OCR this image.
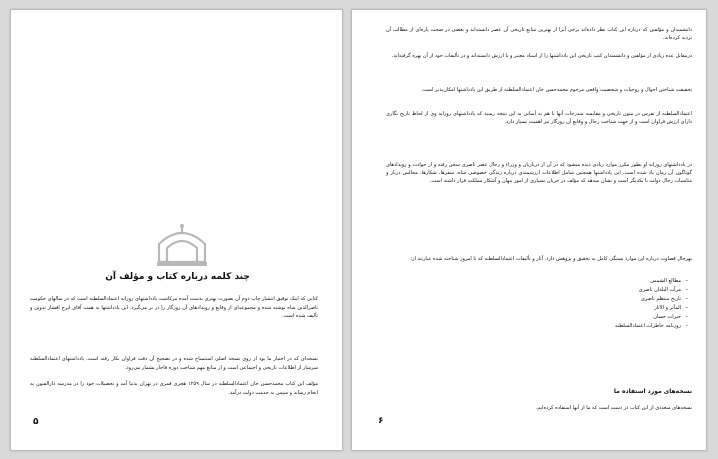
چند کلمه درباره کتاب و مؤلف آن

کتابی که اینک توفیق انتشار چاپ دوم آن بصورت بهتری بدست آمده مرکاشت یادداشتهای روزانه اعتمادالسلطنه است که در سالهای حکومت ناصرالدین شاه نوشته شده و مجموعه‌ای از وقایع و رویدادهای آن روزگار را در بر می‌گیرد. این یادداشتها به همت آقای ایرج افشار تدوین و تألیف شده است.

نسخه‌ای که در اختیار ما بود از روی نسخه اصلی استنساخ شده و در تصحیح آن دقت فراوان بکار رفته است. یادداشتهای اعتمادالسلطنه سرشار از اطلاعات تاریخی و اجتماعی است و از منابع مهم شناخت دوره قاجار بشمار می‌رود.

مؤلف این کتاب محمدحسن خان اعتمادالسلطنه در سال ۱۲۵۹ هجری قمری در تهران بدنیا آمد و تحصیلات خود را در مدرسه دارالفنون به انجام رساند و سپس به خدمت دولت درآمد.

۵

دانشمندان و مؤلفین که درباره این کتاب نظر داده‌اند برخی آنرا از بهترین منابع تاریخی آن عصر دانسته‌اند و بعضی در صحت پاره‌ای از مطالب آن تردید کرده‌اند.

درمقابل عده زیادی از مؤلفین و دانشمندان کتب تاریخی این یادداشتها را از اسناد معتبر و با ارزش دانسته‌اند و در تألیفات خود از آن بهره گرفته‌اند.

بحقیقت شناختن احوال و روحیات و شخصیت واقعی مرحوم محمدحسن خان اعتمادالسلطنه از طریق این یادداشتها امکان‌پذیر است.

اعتمادالسلطنه از تفرس در متون تاریخی و مقایسه مندرجات آنها با هم به آسانی به این نتیجه رسید که یادداشتهای روزانه وی از لحاظ تاریخ نگاری دارای ارزش فراوان است و از جهت شناخت رجال و وقایع آن روزگار نیز اهمیت بسیار دارد.

در یادداشتهای روزانه او بطور مکرر موارد زیادی دیده میشود که در آن از درباریان و وزراء و رجال عصر ناصری سخن رفته و از حوادث و رویدادهای گوناگون آن زمان یاد شده است. این یادداشتها همچنین شامل اطلاعات ارزشمندی درباره زندگی خصوصی شاه، سفرها، شکارها، مجالس دربار و مناسبات رجال دولت با یکدیگر است و نشان میدهد که مؤلف در جریان بسیاری از امور پنهان و آشکار مملکت قرار داشته است.

بهرحال قضاوت درباره این موارد بستگی کامل به تحقیق و پژوهش دارد. آثار و تألیفات اعتمادالسلطنه که تا امروز شناخته شده عبارتند از:

– مطالع الشمس
– مرآت البلدان ناصری
– تاریخ منتظم ناصری
– المآثر و الآثار
– خیرات حسان
– روزنامه خاطرات اعتمادالسلطنه
نسخه‌های مورد استفاده ما

نسخه‌های متعددی از این کتاب در دست است که ما از آنها استفاده کرده‌ایم.

۶
